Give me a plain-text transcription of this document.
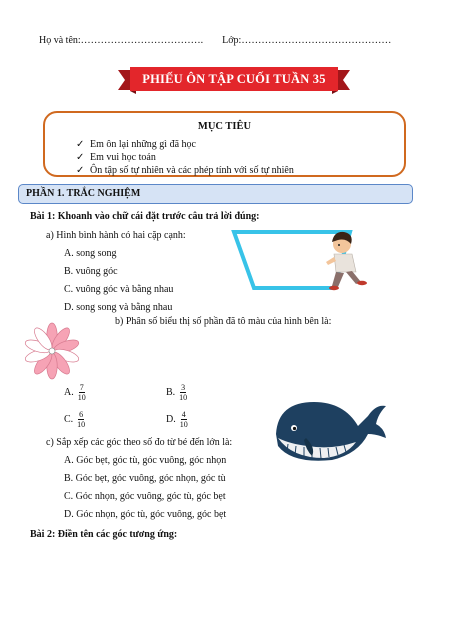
Họ và tên:………………………………. Lớp:………………………………………
PHIẾU ÔN TẬP CUỐI TUẦN 35
MỤC TIÊU
✓ Em ôn lại những gì đã học
✓ Em vui học toán
✓ Ôn tập số tự nhiên và các phép tính với số tự nhiên
PHẦN 1. TRẮC NGHIỆM
Bài 1: Khoanh vào chữ cái đặt trước câu trả lời đúng:
a) Hình bình hành có hai cặp cạnh:
A. song song
B. vuông góc
C. vuông góc và bằng nhau
D. song song và bằng nhau
b) Phân số biểu thị số phần đã tô màu của hình bên là:
A. $\frac{7}{10}$	B. $\frac{3}{10}$
C. $\frac{6}{10}$	D. $\frac{4}{10}$
c) Sắp xếp các góc theo số đo từ bé đến lớn là:
A. Góc bẹt, góc tù, góc vuông, góc nhọn
B. Góc bẹt, góc vuông, góc nhọn, góc tù
C. Góc nhọn, góc vuông, góc tù, góc bẹt
D. Góc nhọn, góc tù, góc vuông, góc bẹt
Bài 2: Điền tên các góc tương ứng:
